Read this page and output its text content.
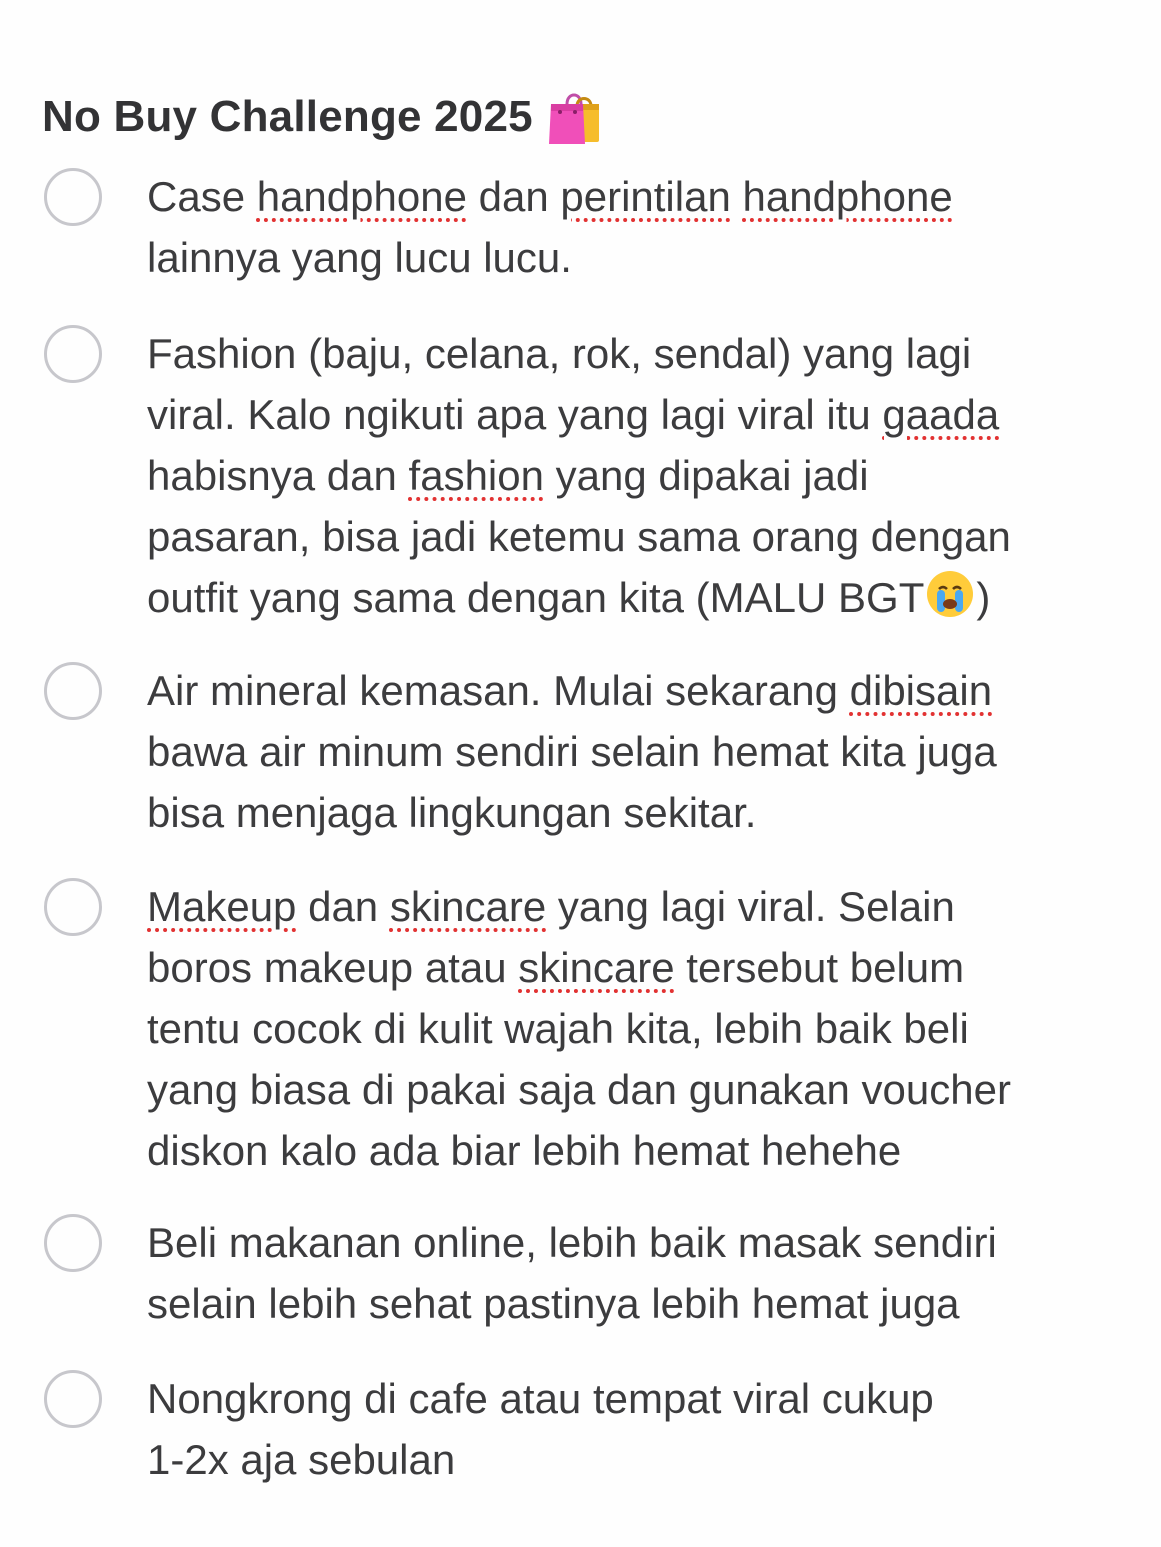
No Buy Challenge 2025
Case handphone dan perintilan handphone
lainnya yang lucu lucu.
Fashion (baju, celana, rok, sendal) yang lagi
viral. Kalo ngikuti apa yang lagi viral itu gaada
habisnya dan fashion yang dipakai jadi
pasaran, bisa jadi ketemu sama orang dengan
outfit yang sama dengan kita (MALU BGT )
Air mineral kemasan. Mulai sekarang dibisain
bawa air minum sendiri selain hemat kita juga
bisa menjaga lingkungan sekitar.
Makeup dan skincare yang lagi viral. Selain
boros makeup atau skincare tersebut belum
tentu cocok di kulit wajah kita, lebih baik beli
yang biasa di pakai saja dan gunakan voucher
diskon kalo ada biar lebih hemat hehehe
Beli makanan online, lebih baik masak sendiri
selain lebih sehat pastinya lebih hemat juga
Nongkrong di cafe atau tempat viral cukup
1-2x aja sebulan
